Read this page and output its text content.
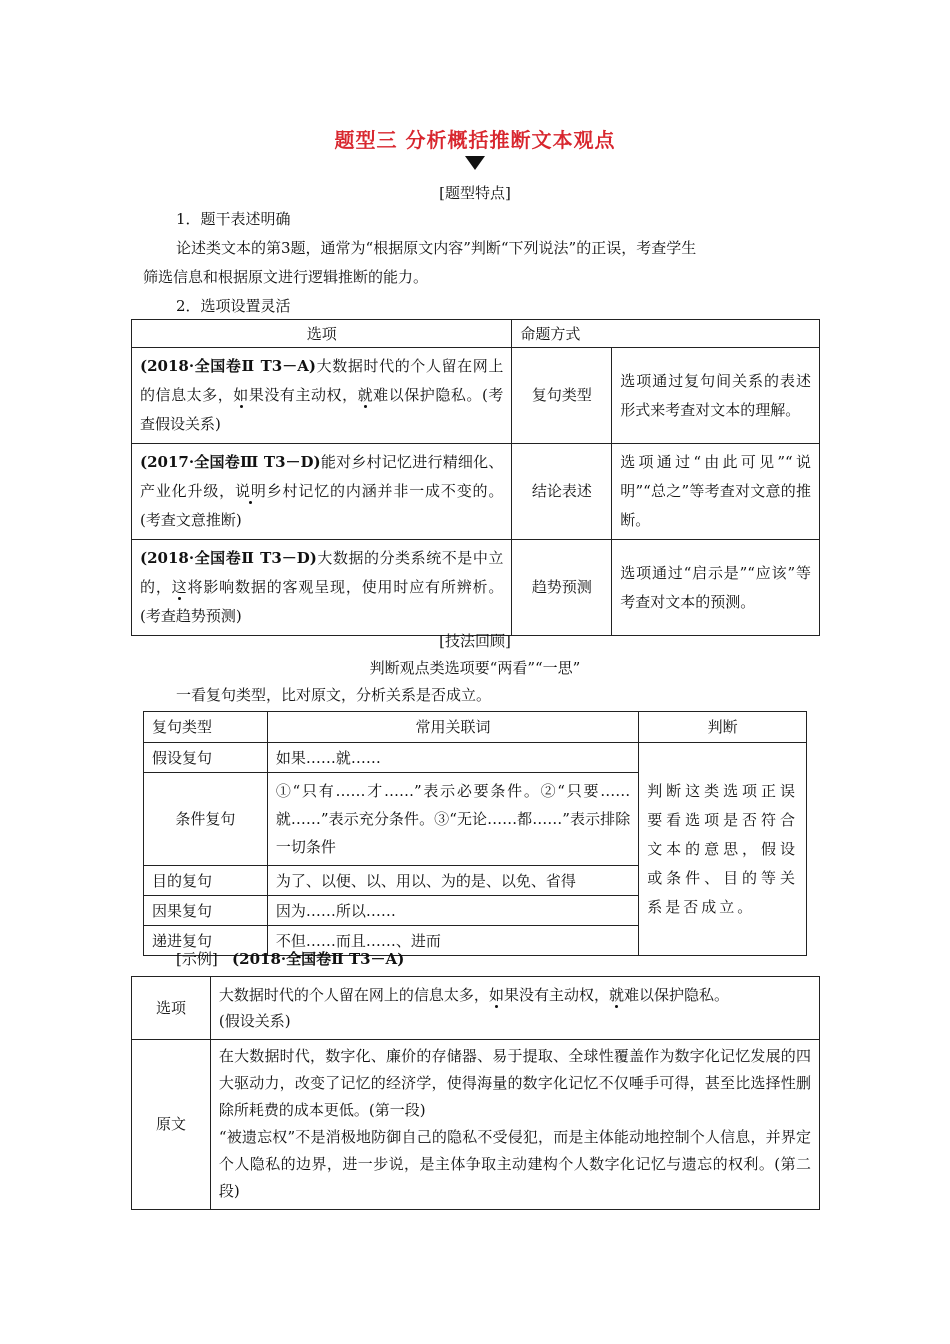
题型三 分析概括推断文本观点
[题型特点]
1．题干表述明确
论述类文本的第3题，通常为“根据原文内容”判断“下列说法”的正误，考查学生
筛选信息和根据原文进行逻辑推断的能力。
2．选项设置灵活
选项	命题方式	
(2018·全国卷Ⅱ T3－A)大数据时代的个人留在网上的信息太多，如果没有主动权，就难以保护隐私。(考查假设关系)	复句类型	选项通过复句间关系的表述形式来考查对文本的理解。
(2017·全国卷Ⅲ T3－D)能对乡村记忆进行精细化、产业化升级，说明乡村记忆的内涵并非一成不变的。(考查文意推断)	结论表述	选项通过“由此可见”“说明”“总之”等考查对文意的推断。
(2018·全国卷Ⅱ T3－D)大数据的分类系统不是中立的，这将影响数据的客观呈现，使用时应有所辨析。(考查趋势预测)	趋势预测	选项通过“启示是”“应该”等考查对文本的预测。
[技法回顾]
判断观点类选项要“两看”“一思”
一看复句类型，比对原文，分析关系是否成立。
复句类型	常用关联词	判断
假设复句	如果……就……	判断这类选项正误要看选项是否符合文本的意思，假设或条件、目的等关系是否成立。
条件复句	①“只有……才……”表示必要条件。②“只要……就……”表示充分条件。③“无论……都……”表示排除一切条件	
目的复句	为了、以便、以、用以、为的是、以免、省得	
因果复句	因为……所以……	
递进复句	不但……而且……、进而	
[示例] (2018·全国卷Ⅱ T3－A)
选项	大数据时代的个人留在网上的信息太多，如果没有主动权，就难以保护隐私。
(假设关系)
原文	在大数据时代，数字化、廉价的存储器、易于提取、全球性覆盖作为数字化记忆发展的四大驱动力，改变了记忆的经济学，使得海量的数字化记忆不仅唾手可得，甚至比选择性删除所耗费的成本更低。(第一段)
“被遗忘权”不是消极地防御自己的隐私不受侵犯，而是主体能动地控制个人信息，并界定个人隐私的边界，进一步说，是主体争取主动建构个人数字化记忆与遗忘的权利。(第二段)
